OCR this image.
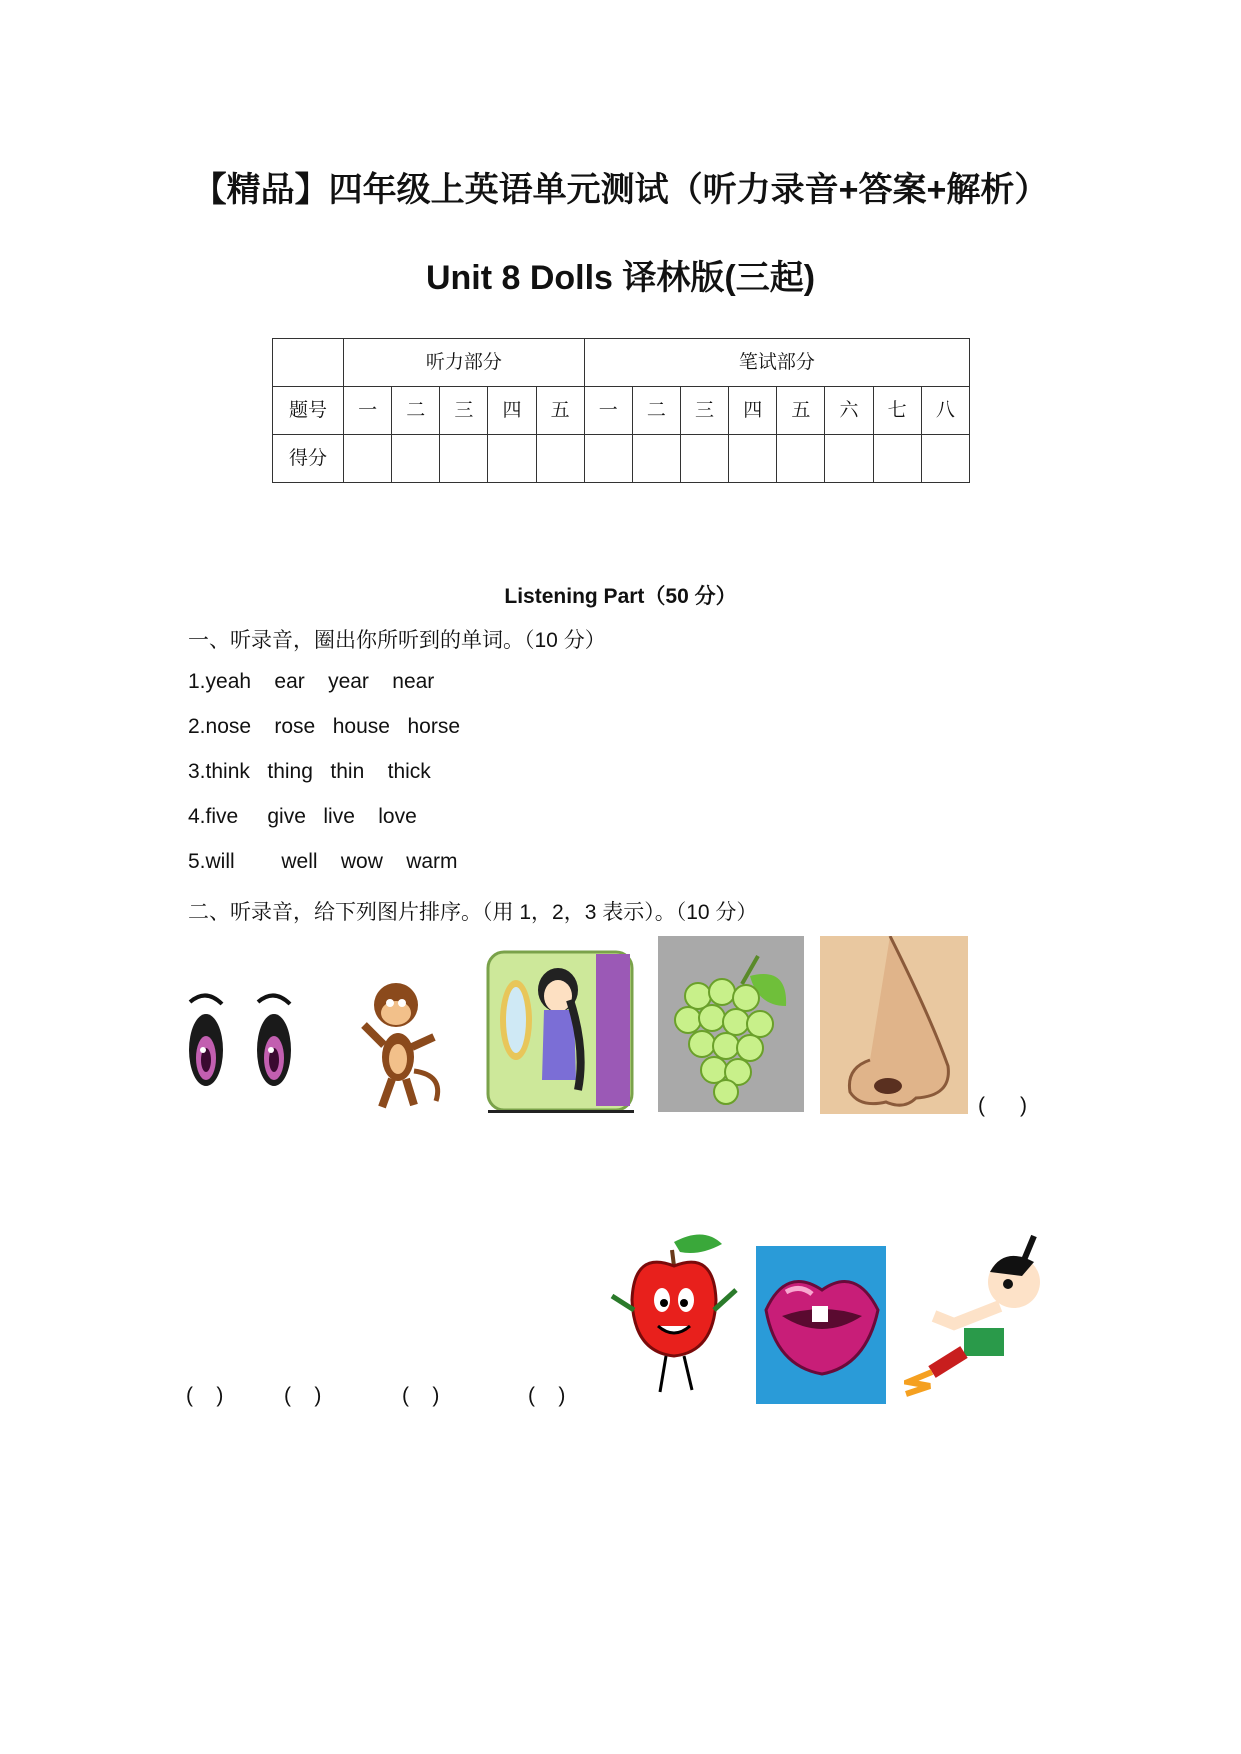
【精品】四年级上英语单元测试（听力录音+答案+解析）
Unit 8 Dolls 译林版(三起)
	听力部分					笔试部分							
题号	一	二	三	四	五	一	二	三	四	五	六	七	八
得分													
Listening Part（50 分）
一、听录音，圈出你所听到的单词。（10 分）
1.yeah    ear    year    near
2.nose    rose   house   horse
3.think   thing   thin    thick
4.five     give   live    love
5.will        well    wow    warm
二、听录音，给下列图片排序。（用 1，2，3 表示）。（10 分）
(      )
(    )	(    )	(    )	(    )
